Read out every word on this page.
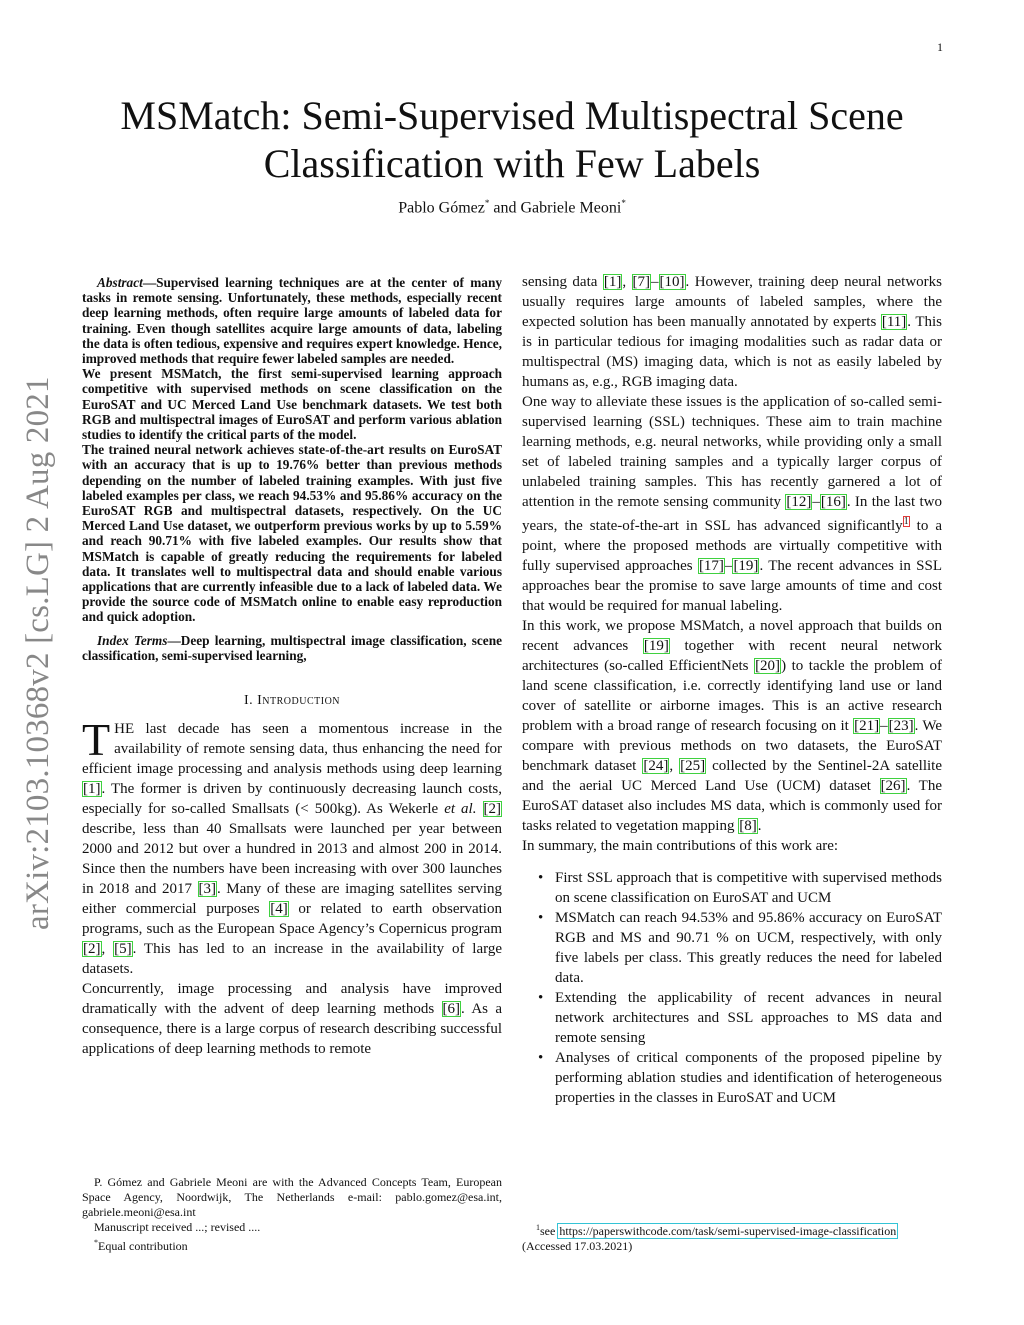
1
arXiv:2103.10368v2 [cs.LG] 2 Aug 2021
MSMatch: Semi-Supervised Multispectral Scene
Classification with Few Labels
Pablo Gómez* and Gabriele Meoni*

Abstract—Supervised learning techniques are at the center of many tasks in remote sensing. Unfortunately, these methods, especially recent deep learning methods, often require large amounts of labeled data for training. Even though satellites acquire large amounts of data, labeling the data is often tedious, expensive and requires expert knowledge. Hence, improved methods that require fewer labeled samples are needed.

We present MSMatch, the first semi-supervised learning approach competitive with supervised methods on scene classification on the EuroSAT and UC Merced Land Use benchmark datasets. We test both RGB and multispectral images of EuroSAT and perform various ablation studies to identify the critical parts of the model.

The trained neural network achieves state-of-the-art results on EuroSAT with an accuracy that is up to 19.76% better than previous methods depending on the number of labeled training examples. With just five labeled examples per class, we reach 94.53% and 95.86% accuracy on the EuroSAT RGB and multispectral datasets, respectively. On the UC Merced Land Use dataset, we outperform previous works by up to 5.59% and reach 90.71% with five labeled examples. Our results show that MSMatch is capable of greatly reducing the requirements for labeled data. It translates well to multispectral data and should enable various applications that are currently infeasible due to a lack of labeled data. We provide the source code of MSMatch online to enable easy reproduction and quick adoption.

Index Terms—Deep learning, multispectral image classification, scene classification, semi-supervised learning,
I. Introduction

THE last decade has seen a momentous increase in the availability of remote sensing data, thus enhancing the need for efficient image processing and analysis methods using deep learning [1]. The former is driven by continuously decreasing launch costs, especially for so-called Smallsats (< 500kg). As Wekerle et al. [2] describe, less than 40 Smallsats were launched per year between 2000 and 2012 but over a hundred in 2013 and almost 200 in 2014. Since then the numbers have been increasing with over 300 launches in 2018 and 2017 [3]. Many of these are imaging satellites serving either commercial purposes [4] or related to earth observation programs, such as the European Space Agency’s Copernicus program [2], [5]. This has led to an increase in the availability of large datasets.

Concurrently, image processing and analysis have improved dramatically with the advent of deep learning methods [6]. As a consequence, there is a large corpus of research describing successful applications of deep learning methods to remote

sensing data [1], [7]–[10]. However, training deep neural networks usually requires large amounts of labeled samples, where the expected solution has been manually annotated by experts [11]. This is in particular tedious for imaging modalities such as radar data or multispectral (MS) imaging data, which is not as easily labeled by humans as, e.g., RGB imaging data.

One way to alleviate these issues is the application of so-called semi-supervised learning (SSL) techniques. These aim to train machine learning methods, e.g. neural networks, while providing only a small set of labeled training samples and a typically larger corpus of unlabeled training samples. This has recently garnered a lot of attention in the remote sensing community [12]–[16]. In the last two years, the state-of-the-art in SSL has advanced significantly$^1$ to a point, where the proposed methods are virtually competitive with fully supervised approaches [17]–[19]. The recent advances in SSL approaches bear the promise to save large amounts of time and cost that would be required for manual labeling.

In this work, we propose MSMatch, a novel approach that builds on recent advances [19] together with recent neural network architectures (so-called EfficientNets [20]) to tackle the problem of land scene classification, i.e. correctly identifying land use or land cover of satellite or airborne images. This is an active research problem with a broad range of research focusing on it [21]–[23]. We compare with previous methods on two datasets, the EuroSAT benchmark dataset [24], [25] collected by the Sentinel-2A satellite and the aerial UC Merced Land Use (UCM) dataset [26]. The EuroSAT dataset also includes MS data, which is commonly used for tasks related to vegetation mapping [8].

In summary, the main contributions of this work are:

• First SSL approach that is competitive with supervised methods on scene classification on EuroSAT and UCM
• MSMatch can reach 94.53% and 95.86% accuracy on EuroSAT RGB and MS and 90.71 % on UCM, respectively, with only five labels per class. This greatly reduces the need for labeled data.
• Extending the applicability of recent advances in neural network architectures and SSL approaches to MS data and remote sensing
• Analyses of critical components of the proposed pipeline by performing ablation studies and identification of heterogeneous properties in the classes in EuroSAT and UCM

P. Gómez and Gabriele Meoni are with the Advanced Concepts Team, European Space Agency, Noordwijk, The Netherlands e-mail: pablo.gomez@esa.int, gabriele.meoni@esa.int

Manuscript received ...; revised ....

*Equal contribution

$^1$see https://paperswithcode.com/task/semi-supervised-image-classification
(Accessed 17.03.2021)
